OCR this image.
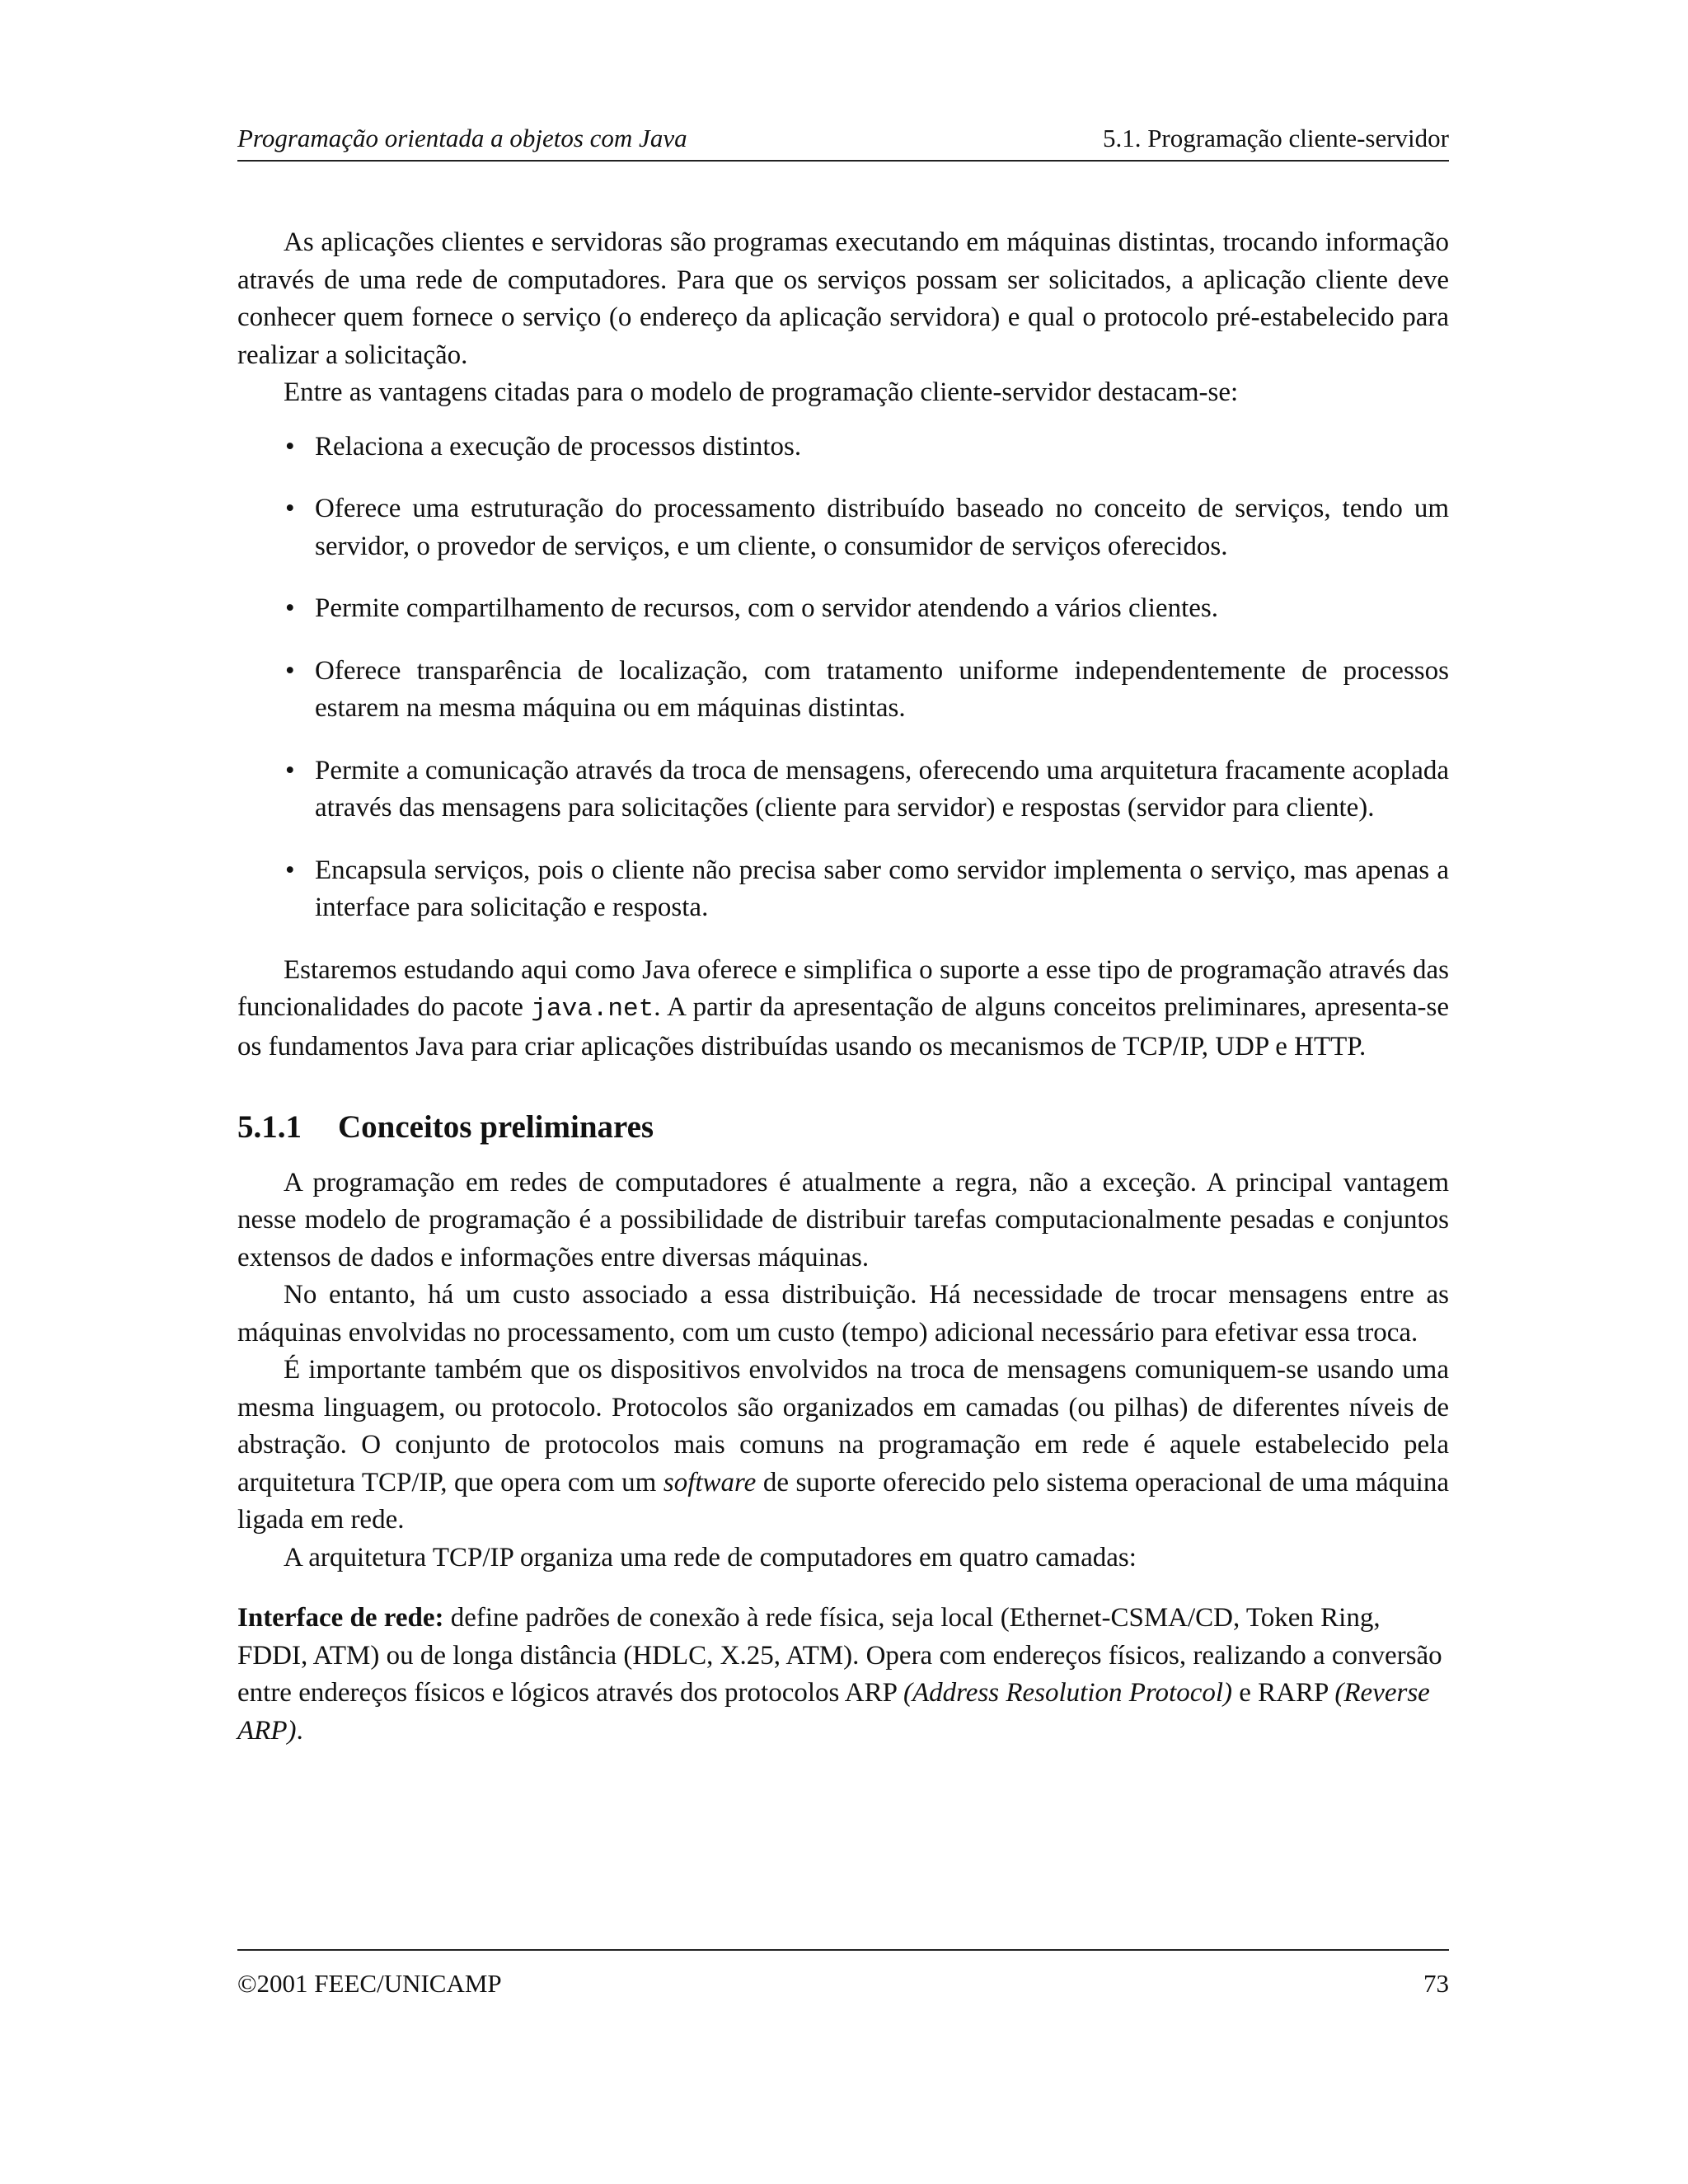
Programação orientada a objetos com Java	5.1. Programação cliente-servidor

As aplicações clientes e servidoras são programas executando em máquinas distintas, trocando informação através de uma rede de computadores. Para que os serviços possam ser solicitados, a aplicação cliente deve conhecer quem fornece o serviço (o endereço da aplicação servidora) e qual o protocolo pré-estabelecido para realizar a solicitação.

Entre as vantagens citadas para o modelo de programação cliente-servidor destacam-se:

• Relaciona a execução de processos distintos.
• Oferece uma estruturação do processamento distribuído baseado no conceito de serviços, tendo um servidor, o provedor de serviços, e um cliente, o consumidor de serviços oferecidos.
• Permite compartilhamento de recursos, com o servidor atendendo a vários clientes.
• Oferece transparência de localização, com tratamento uniforme independentemente de processos estarem na mesma máquina ou em máquinas distintas.
• Permite a comunicação através da troca de mensagens, oferecendo uma arquitetura fracamente acoplada através das mensagens para solicitações (cliente para servidor) e respostas (servidor para cliente).
• Encapsula serviços, pois o cliente não precisa saber como servidor implementa o serviço, mas apenas a interface para solicitação e resposta.

Estaremos estudando aqui como Java oferece e simplifica o suporte a esse tipo de programação através das funcionalidades do pacote java.net. A partir da apresentação de alguns conceitos preliminares, apresenta-se os fundamentos Java para criar aplicações distribuídas usando os mecanismos de TCP/IP, UDP e HTTP.

5.1.1 Conceitos preliminares

A programação em redes de computadores é atualmente a regra, não a exceção. A principal vantagem nesse modelo de programação é a possibilidade de distribuir tarefas computacionalmente pesadas e conjuntos extensos de dados e informações entre diversas máquinas.

No entanto, há um custo associado a essa distribuição. Há necessidade de trocar mensagens entre as máquinas envolvidas no processamento, com um custo (tempo) adicional necessário para efetivar essa troca.

É importante também que os dispositivos envolvidos na troca de mensagens comuniquem-se usando uma mesma linguagem, ou protocolo. Protocolos são organizados em camadas (ou pilhas) de diferentes níveis de abstração. O conjunto de protocolos mais comuns na programação em rede é aquele estabelecido pela arquitetura TCP/IP, que opera com um software de suporte oferecido pelo sistema operacional de uma máquina ligada em rede.

A arquitetura TCP/IP organiza uma rede de computadores em quatro camadas:

Interface de rede: define padrões de conexão à rede física, seja local (Ethernet-CSMA/CD, Token Ring, FDDI, ATM) ou de longa distância (HDLC, X.25, ATM). Opera com endereços físicos, realizando a conversão entre endereços físicos e lógicos através dos protocolos ARP (Address Resolution Protocol) e RARP (Reverse ARP).
©2001 FEEC/UNICAMP	73
